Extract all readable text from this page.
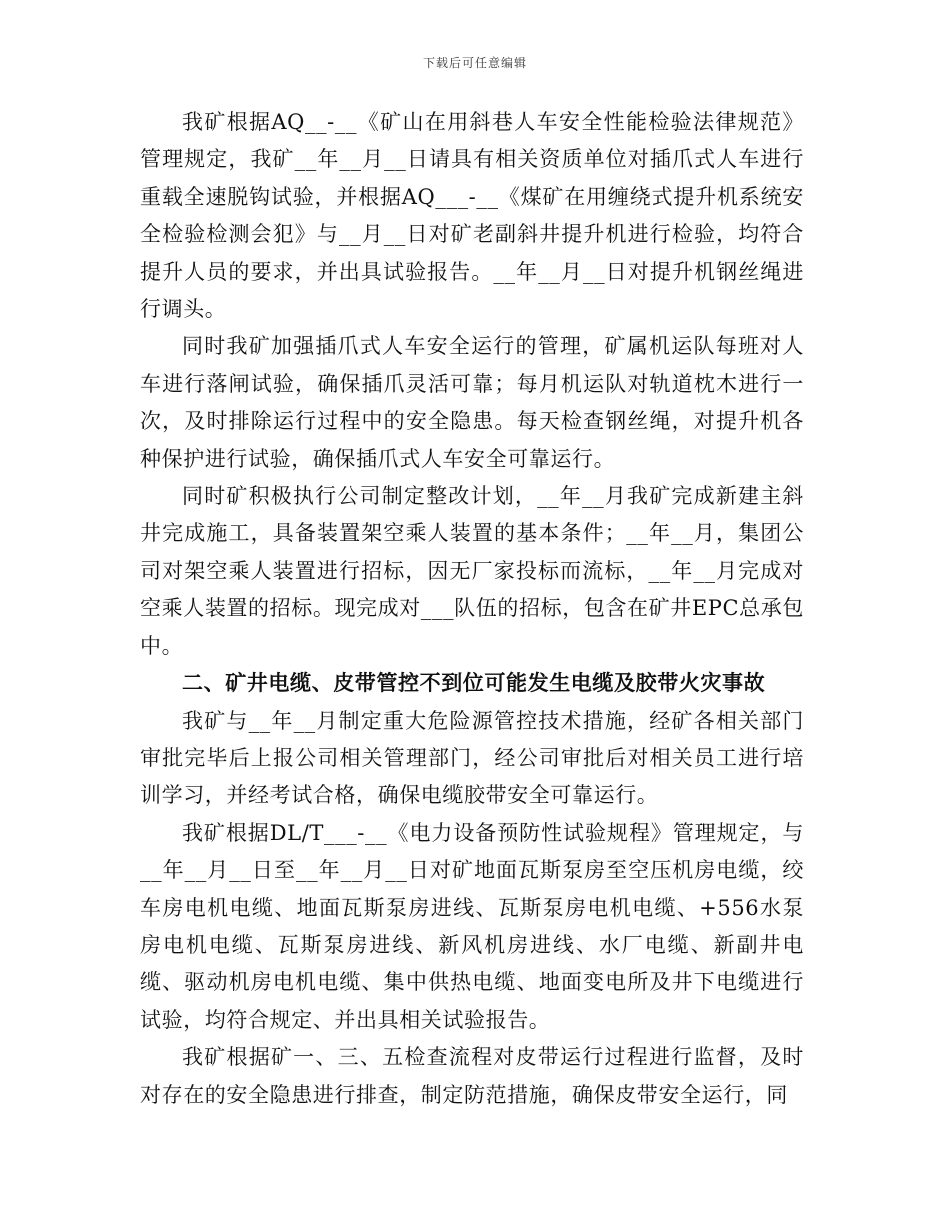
下载后可任意编辑

我矿根据AQ__-__《矿山在用斜巷人车安全性能检验法律规范》管理规定，我矿__年__月__日请具有相关资质单位对插爪式人车进行重载全速脱钩试验，并根据AQ___-__《煤矿在用缠绕式提升机系统安全检验检测会犯》与__月__日对矿老副斜井提升机进行检验，均符合提升人员的要求，并出具试验报告。__年__月__日对提升机钢丝绳进行调头。

同时我矿加强插爪式人车安全运行的管理，矿属机运队每班对人车进行落闸试验，确保插爪灵活可靠；每月机运队对轨道枕木进行一次，及时排除运行过程中的安全隐患。每天检查钢丝绳，对提升机各种保护进行试验，确保插爪式人车安全可靠运行。

同时矿积极执行公司制定整改计划，__年__月我矿完成新建主斜井完成施工，具备装置架空乘人装置的基本条件；__年__月，集团公司对架空乘人装置进行招标，因无厂家投标而流标，__年__月完成对空乘人装置的招标。现完成对___队伍的招标，包含在矿井EPC总承包中。

二、矿井电缆、皮带管控不到位可能发生电缆及胶带火灾事故

我矿与__年__月制定重大危险源管控技术措施，经矿各相关部门审批完毕后上报公司相关管理部门，经公司审批后对相关员工进行培训学习，并经考试合格，确保电缆胶带安全可靠运行。

我矿根据DL/T___-__《电力设备预防性试验规程》管理规定，与__年__月__日至__年__月__日对矿地面瓦斯泵房至空压机房电缆，绞车房电机电缆、地面瓦斯泵房进线、瓦斯泵房电机电缆、+556水泵房电机电缆、瓦斯泵房进线、新风机房进线、水厂电缆、新副井电缆、驱动机房电机电缆、集中供热电缆、地面变电所及井下电缆进行试验，均符合规定、并出具相关试验报告。

我矿根据矿一、三、五检查流程对皮带运行过程进行监督，及时对存在的安全隐患进行排查，制定防范措施，确保皮带安全运行，同
